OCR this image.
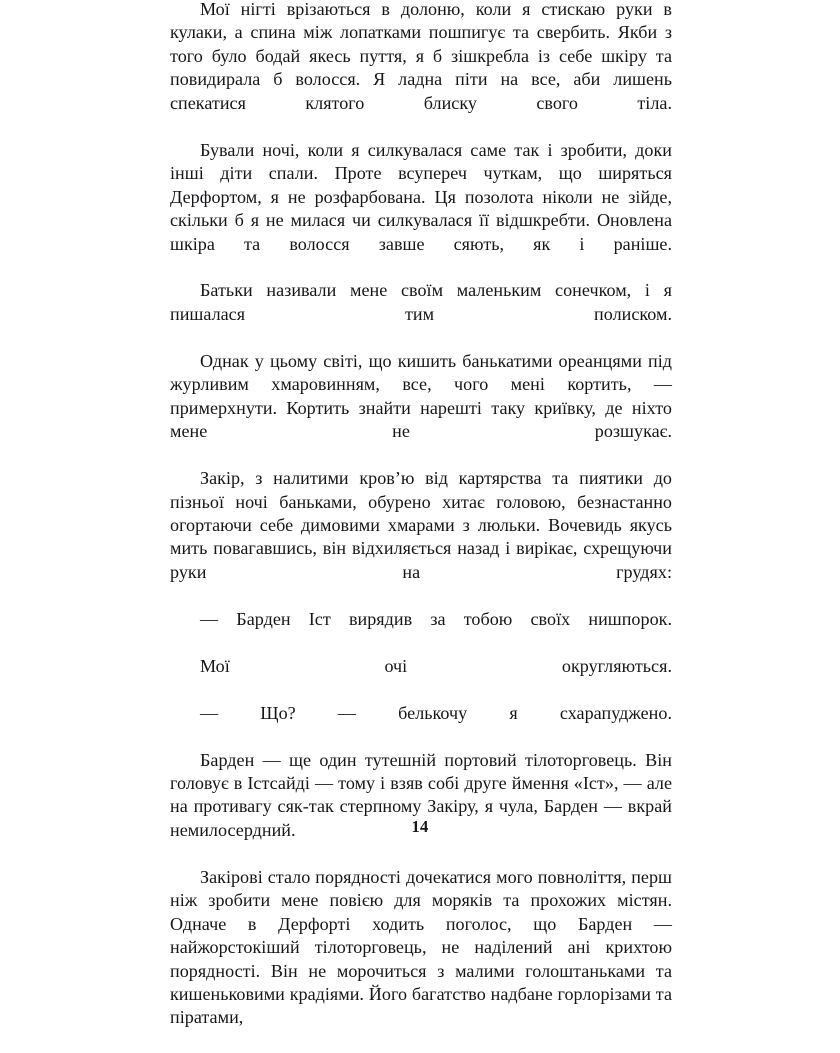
Мої нігті врізаються в долоню, коли я стискаю руки в кулаки, а спина між лопатками пошпигує та свербить. Якби з того було бодай якесь пуття, я б зішкребла із себе шкіру та повидирала б волосся. Я ладна піти на все, аби лишень спекатися клятого блиску свого тіла.

Бували ночі, коли я силкувалася саме так і зробити, доки інші діти спали. Проте всупереч чуткам, що ширяться Дерфортом, я не розфарбована. Ця позолота ніколи не зійде, скільки б я не милася чи силкувалася її відшкребти. Оновлена шкіра та волосся завше сяють, як і раніше.

Батьки називали мене своїм маленьким сонечком, і я пишалася тим полиском.

Однак у цьому світі, що кишить банькатими ореанцями під журливим хмаровинням, все, чого мені кортить, — примерхнути. Кортить знайти нарешті таку криївку, де ніхто мене не розшукає.

Закір, з налитими кров’ю від картярства та пиятики до пізньої ночі баньками, обурено хитає головою, безнастанно огортаючи себе димовими хмарами з люльки. Вочевидь якусь мить повагавшись, він відхиляється назад і вирікає, схрещуючи руки на грудях:

— Барден Іст вирядив за тобою своїх нишпорок.

Мої очі округляються.

— Що? — белькочу я схарапуджено.

Барден — ще один тутешній портовий тілоторговець. Він головує в Істсайді — тому і взяв собі друге ймення «Іст», — але на противагу сяк-так стерпному Закіру, я чула, Барден — вкрай немилосердний.

Закірові стало порядності дочекатися мого повноліття, перш ніж зробити мене повією для моряків та прохожих містян. Одначе в Дерфорті ходить поголос, що Барден — найжорстокіший тілоторговець, не наділений ані крихтою порядності. Він не морочиться з малими голоштаньками та кишеньковими крадіями. Його багатство надбане горлорізами та піратами,

14
